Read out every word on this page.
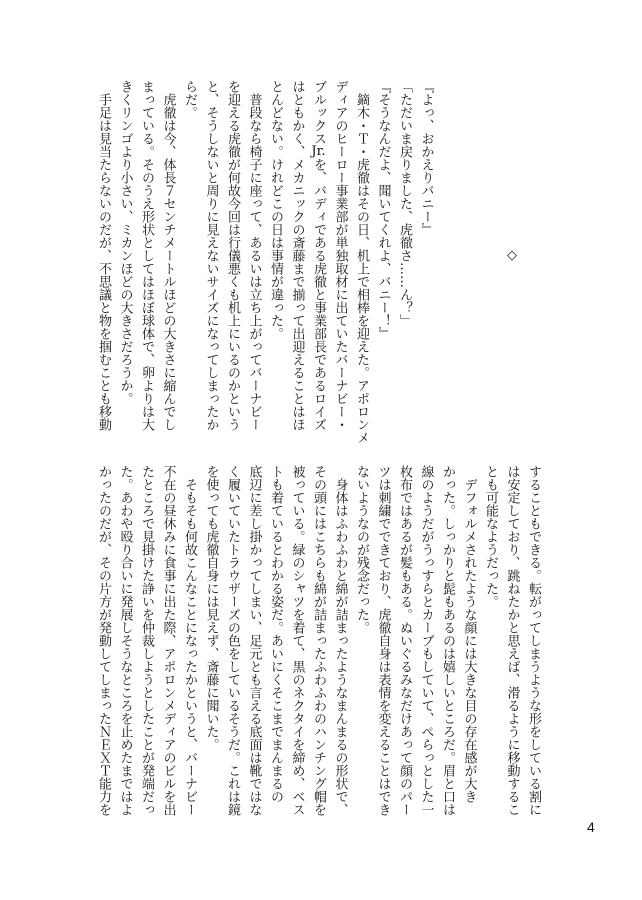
◇
『よっ、おかえりバニー』
「ただいま戻りました、虎徹さ……ん？」
『そうなんだよ、聞いてくれよ、バニー！』
　鏑木・Ｔ・虎徹はその日、机上で相棒を迎えた。アポロンメ
ディアのヒーロー事業部が単独取材に出ていたバーナビー・
ブルックスJr.を、バディである虎徹と事業部長であるロイズ
はともかく、メカニックの斎藤まで揃って出迎えることはほ
とんどない。けれどこの日は事情が違った。
　普段なら椅子に座って、あるいは立ち上がってバーナビー
を迎える虎徹が何故今回は行儀悪くも机上にいるのかという
と、そうしないと周りに見えないサイズになってしまったか
らだ。
　虎徹は今、体長７センチメートルほどの大きさに縮んでし
まっている。そのうえ形状としてはほぼ球体で、卵よりは大
きくリンゴより小さい、ミカンほどの大きさだろうか。
　手足は見当たらないのだが、不思議と物を掴むことも移動
することもできる。転がってしまうような形をしている割に
は安定しており、跳ねたかと思えば、滑るように移動するこ
とも可能なようだった。
　デフォルメされたような顔には大きな目の存在感が大き
かった。しっかりと髭もあるのは嬉しいところだ。眉と口は
線のようだがうっすらとカーブもしていて、ぺらっとした一
枚布ではあるが髪もある。ぬいぐるみなだけあって顔のパー
ツは刺繍でできており、虎徹自身は表情を変えることはでき
ないようなのが残念だった。
　身体はふわふわと綿が詰まったようなまんまるの形状で、
その頭にはこちらも綿が詰まったふわふわのハンチング帽を
被っている。緑のシャツを着て、黒のネクタイを締め、ベス
トも着ているとわかる姿だ。あいにくそこまでまんまるの
底辺に差し掛かってしまい、足元とも言える底面は靴ではな
く履いていたトラウザーズの色をしているそうだ。これは鏡
を使っても虎徹自身には見えず、斎藤に聞いた。
　そもそも何故こんなことになったかというと、バーナビー
不在の昼休みに食事に出た際、アポロンメディアのビルを出
たところで見掛けた諍いを仲裁しようとしたことが発端だっ
た。あわや殴り合いに発展しそうなところを止めたまではよ
かったのだが、その片方が発動してしまったＮＥＸＴ能力を
4
